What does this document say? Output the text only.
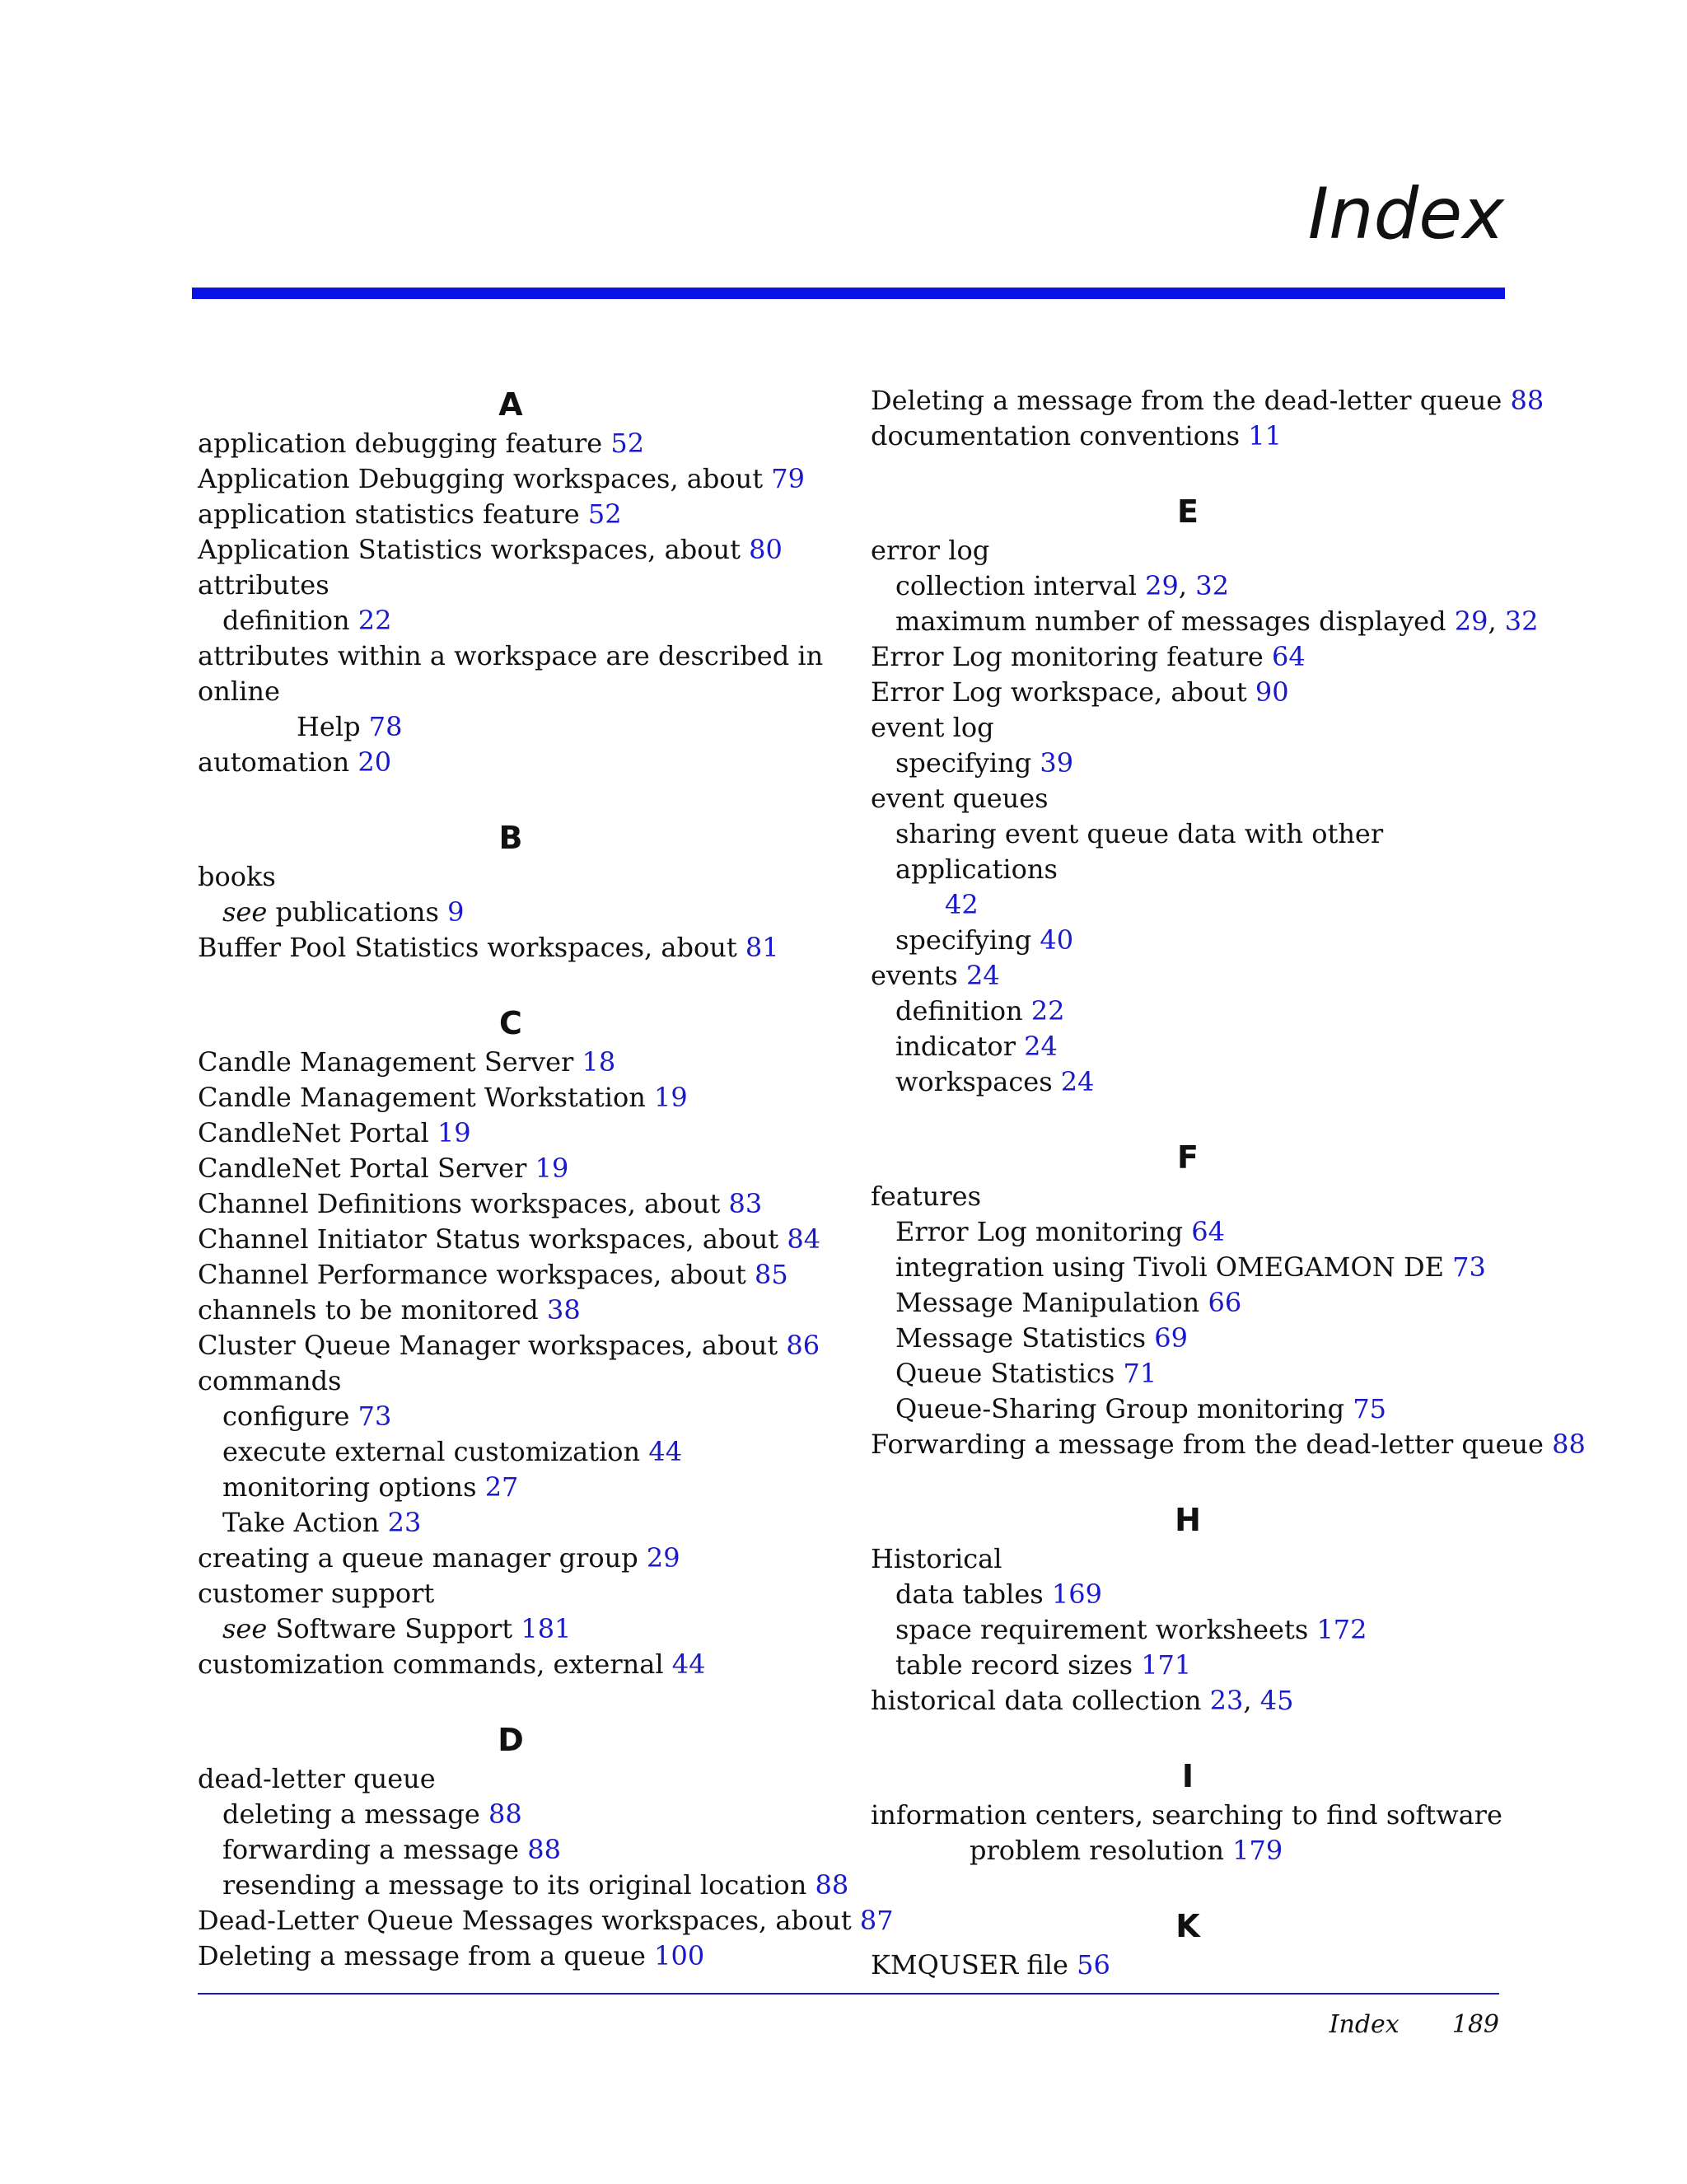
Index
A
application debugging feature 52
Application Debugging workspaces, about 79
application statistics feature 52
Application Statistics workspaces, about 80
attributes
definition 22
attributes within a workspace are described in online
Help 78
automation 20
B
books
see publications 9
Buffer Pool Statistics workspaces, about 81
C
Candle Management Server 18
Candle Management Workstation 19
CandleNet Portal 19
CandleNet Portal Server 19
Channel Definitions workspaces, about 83
Channel Initiator Status workspaces, about 84
Channel Performance workspaces, about 85
channels to be monitored 38
Cluster Queue Manager workspaces, about 86
commands
configure 73
execute external customization 44
monitoring options 27
Take Action 23
creating a queue manager group 29
customer support
see Software Support 181
customization commands, external 44
D
dead-letter queue
deleting a message 88
forwarding a message 88
resending a message to its original location 88
Dead-Letter Queue Messages workspaces, about 87
Deleting a message from a queue 100
Deleting a message from the dead-letter queue 88
documentation conventions 11
E
error log
collection interval 29, 32
maximum number of messages displayed 29, 32
Error Log monitoring feature 64
Error Log workspace, about 90
event log
specifying 39
event queues
sharing event queue data with other applications
42
specifying 40
events 24
definition 22
indicator 24
workspaces 24
F
features
Error Log monitoring 64
integration using Tivoli OMEGAMON DE 73
Message Manipulation 66
Message Statistics 69
Queue Statistics 71
Queue-Sharing Group monitoring 75
Forwarding a message from the dead-letter queue 88
H
Historical
data tables 169
space requirement worksheets 172
table record sizes 171
historical data collection 23, 45
I
information centers, searching to find software
problem resolution 179
K
KMQUSER file 56
Index 189
